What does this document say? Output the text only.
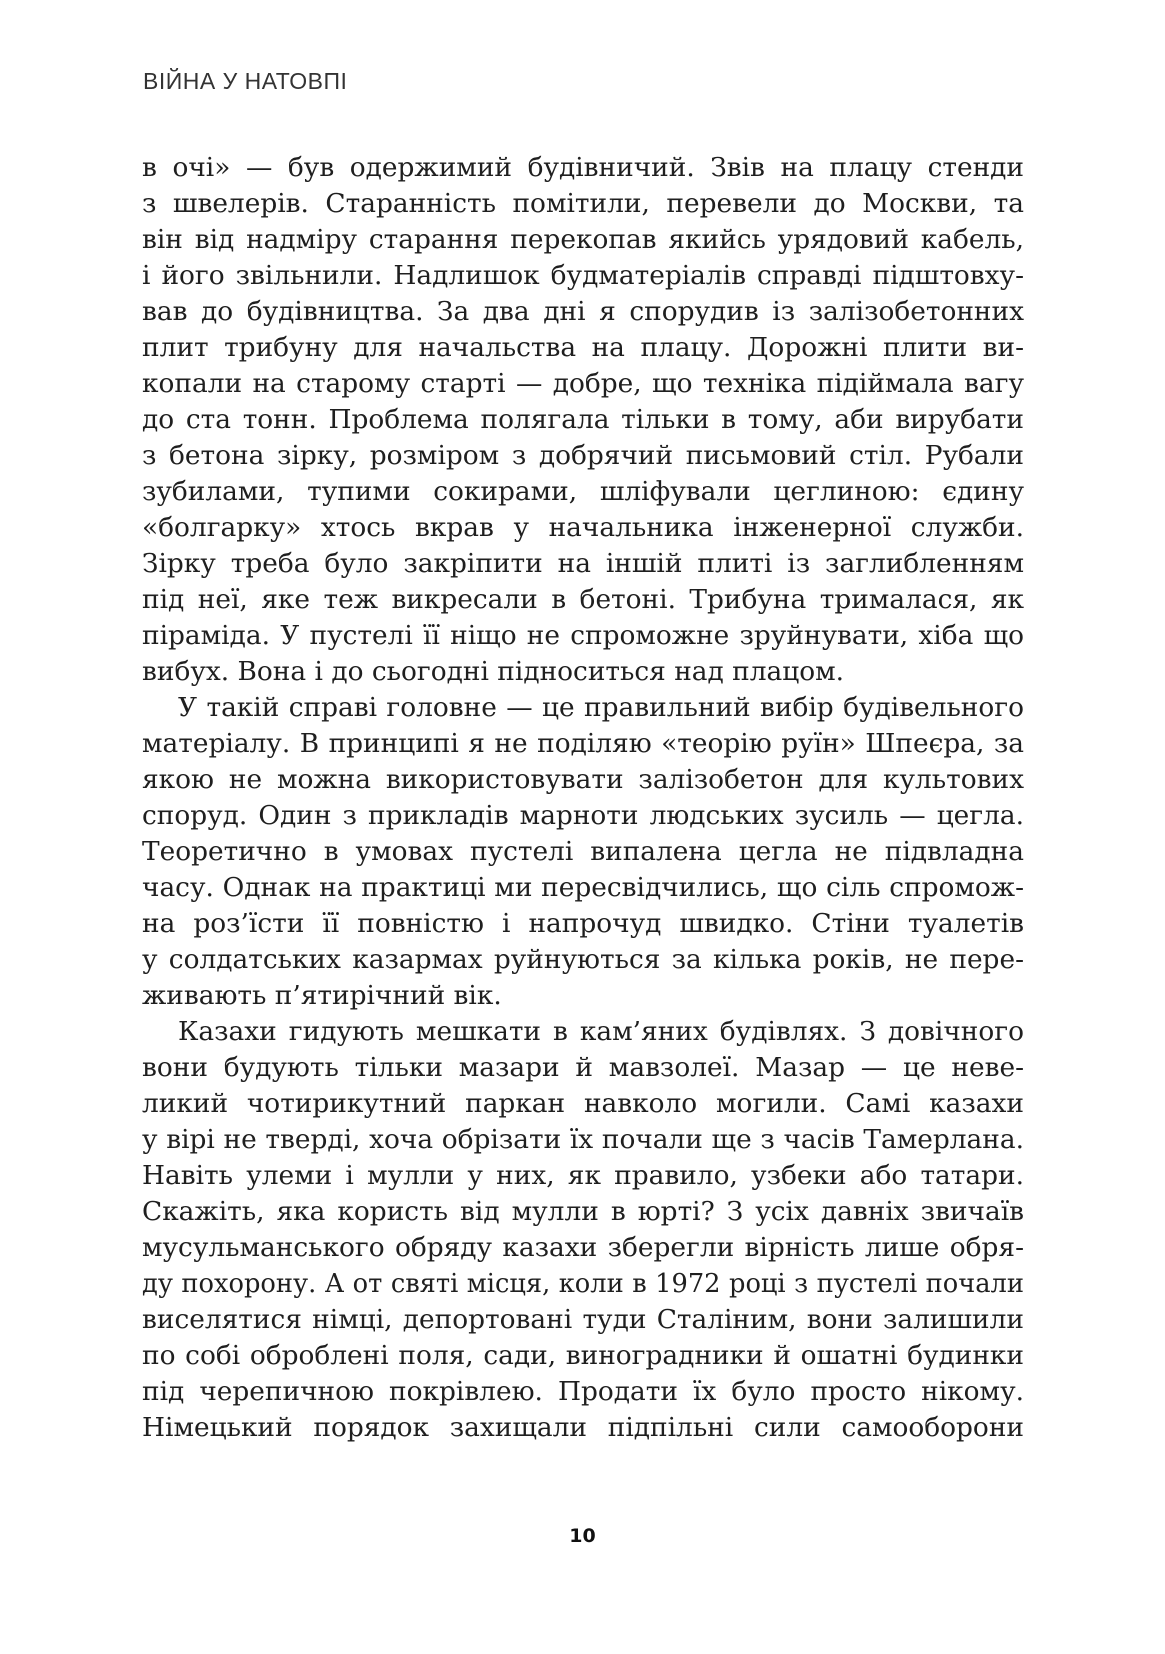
ВІЙНА У НАТОВПІ
в очі» — був одержимий будівничий. Звів на плацу стенди
з швелерів. Старанність помітили, перевели до Москви, та
він від надміру старання перекопав якийсь урядовий кабель,
і його звільнили. Надлишок будматеріалів справді підштовху-
вав до будівництва. За два дні я спорудив із залізобетонних
плит трибуну для начальства на плацу. Дорожні плити ви-
копали на старому старті — добре, що техніка підіймала вагу
до ста тонн. Проблема полягала тільки в тому, аби вирубати
з бетона зірку, розміром з добрячий письмовий стіл. Рубали
зубилами, тупими сокирами, шліфували цеглиною: єдину
«болгарку» хтось вкрав у начальника інженерної служби.
Зірку треба було закріпити на іншій плиті із заглибленням
під неї, яке теж викресали в бетоні. Трибуна трималася, як
піраміда. У пустелі її ніщо не спроможне зруйнувати, хіба що
вибух. Вона і до сьогодні підноситься над плацом.
У такій справі головне — це правильний вибір будівельного
матеріалу. В принципі я не поділяю «теорію руїн» Шпеєра, за
якою не можна використовувати залізобетон для культових
споруд. Один з прикладів марноти людських зусиль — цегла.
Теоретично в умовах пустелі випалена цегла не підвладна
часу. Однак на практиці ми пересвідчились, що сіль спромож-
на роз’їсти її повністю і напрочуд швидко. Стіни туалетів
у солдатських казармах руйнуються за кілька років, не пере-
живають п’ятирічний вік.
Казахи гидують мешкати в кам’яних будівлях. З довічного
вони будують тільки мазари й мавзолеї. Мазар — це неве-
ликий чотирикутний паркан навколо могили. Самі казахи
у вірі не тверді, хоча обрізати їх почали ще з часів Тамерлана.
Навіть улеми і мулли у них, як правило, узбеки або татари.
Скажіть, яка користь від мулли в юрті? З усіх давніх звичаїв
мусульманського обряду казахи зберегли вірність лише обря-
ду похорону. А от святі місця, коли в 1972 році з пустелі почали
виселятися німці, депортовані туди Сталіним, вони залишили
по собі оброблені поля, сади, виноградники й ошатні будинки
під черепичною покрівлею. Продати їх було просто нікому.
Німецький порядок захищали підпільні сили самооборони
10
